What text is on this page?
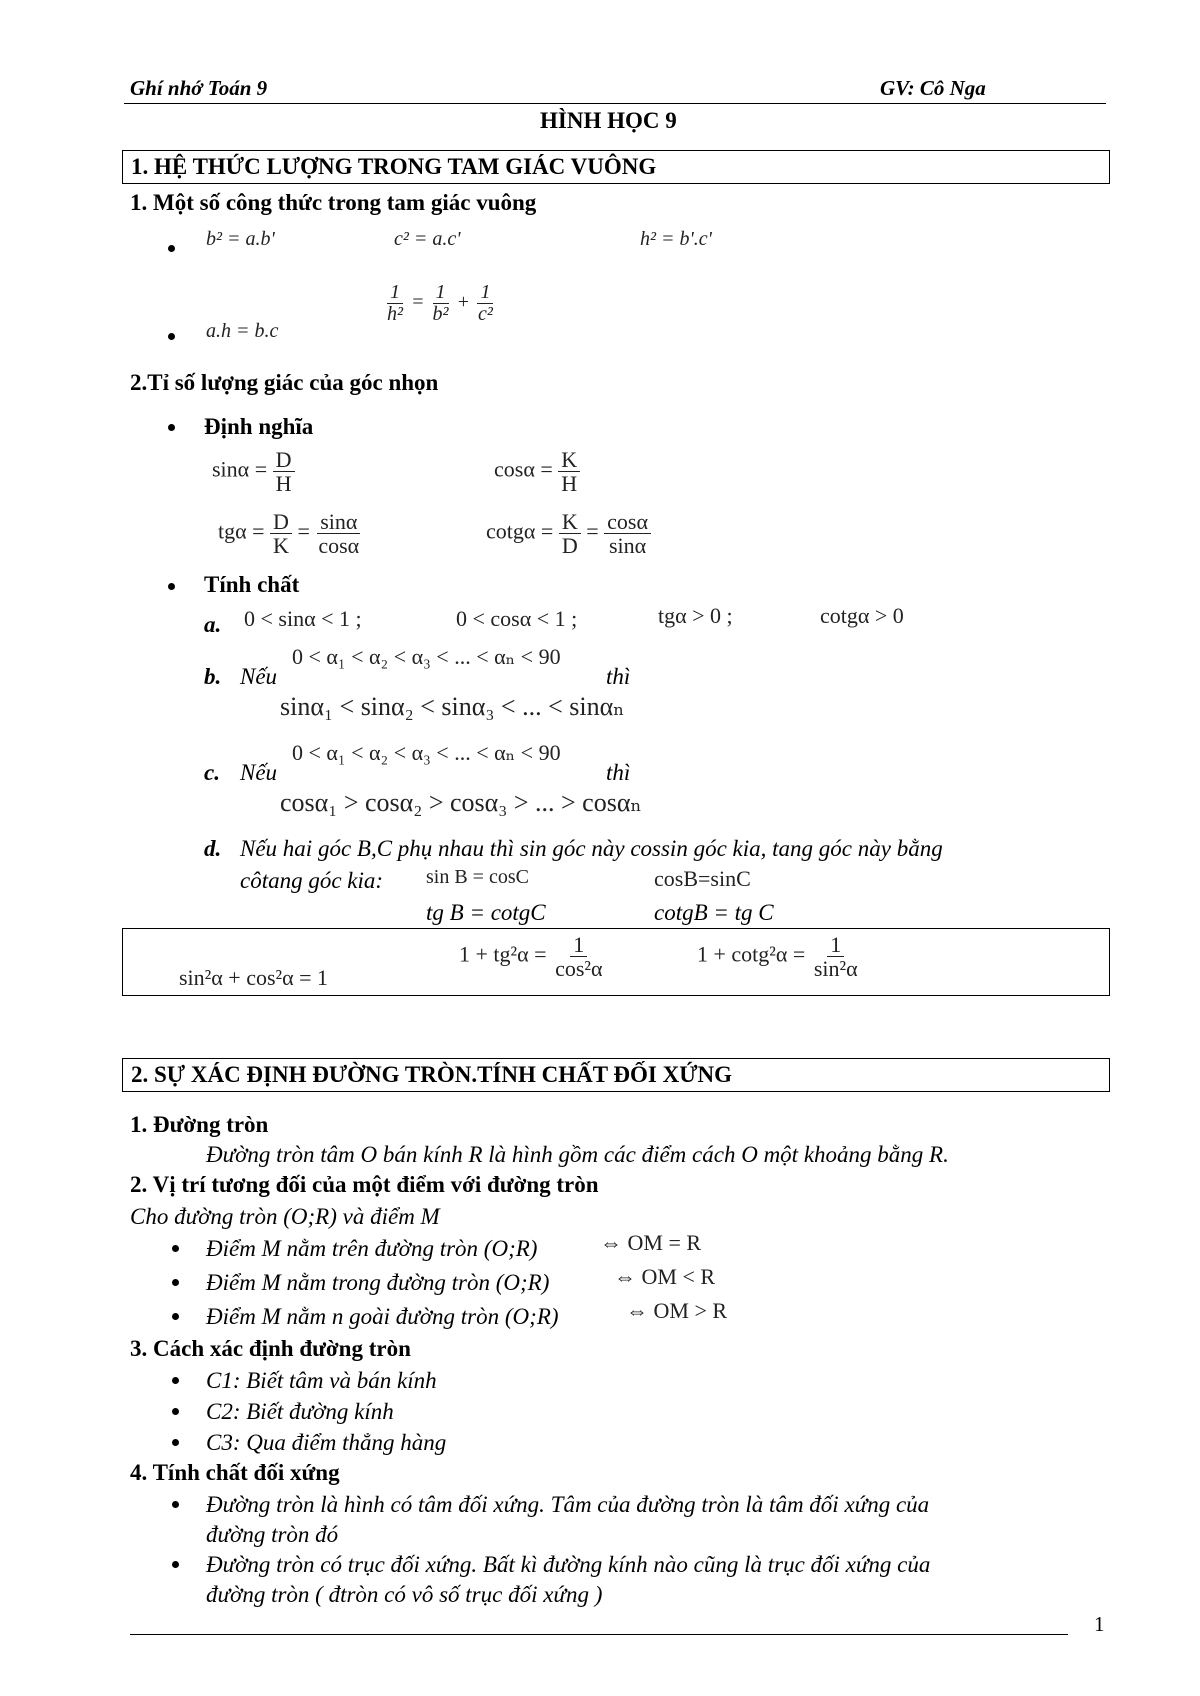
Ghí nhớ Toán 9	GV: Cô Nga
HÌNH HỌC 9
1. HỆ THỨC LƯỢNG TRONG TAM GIÁC VUÔNG
1. Một số công thức trong tam giác vuông
b² = a.b'	c² = a.c'	h² = b'.c'
a.h = b.c
$\frac{1}{\text{h²}} = \frac{1}{\text{b²}} + \frac{1}{\text{c²}}$
2.Tỉ số lượng giác của góc nhọn
Định nghĩa
$\sin\alpha = \frac{D}{H}$	$\cos\alpha = \frac{K}{H}$
$tg\alpha = \frac{D}{K} = \frac{\sin\alpha}{\cos\alpha}$	$\cot g\alpha = \frac{K}{D} = \frac{\cos\alpha}{\sin\alpha}$
Tính chất
a. 0 < sinα < 1 ;	0 < cosα < 1 ;	tgα > 0 ;	cotgα > 0
b. Nếu
0 < α₁ < α₂ < α₃ < ... < αₙ < 90
thì
sinα₁ < sinα₂ < sinα₃ < ... < sinαₙ
c. Nếu
0 < α₁ < α₂ < α₃ < ... < αₙ < 90
thì
cosα₁ > cosα₂ > cosα₃ > ... > cosαₙ
d. Nếu hai góc B,C phụ nhau thì sin góc này cossin góc kia, tang góc này bằng
côtang góc kia: sin B = cosC	cosB=sinC
tg B = cotgC	cotgB = tg C
sin²α + cos²α = 1
$1 + tg^2\alpha = \frac{1}{\text{cos²α}}$	$1 + \cot g^2\alpha = \frac{1}{\text{sin²α}}$
2. SỰ XÁC ĐỊNH ĐƯỜNG TRÒN.TÍNH CHẤT ĐỐI XỨNG
1. Đường tròn
Đường tròn tâm O bán kính R là hình gồm các điểm cách O một khoảng bằng R.
2. Vị trí tương đối của một điểm với đường tròn
Cho đường tròn (O;R) và điểm M
Điểm M nằm trên đường tròn (O;R)	⇔ OM = R
Điểm M nằm trong đường tròn (O;R)	⇔ OM < R
Điểm M nằm n goài đường tròn (O;R)	⇔ OM > R
3. Cách xác định đường tròn
C1: Biết tâm và bán kính
C2: Biết đường kính
C3: Qua điểm thẳng hàng
4. Tính chất đối xứng
Đường tròn là hình có tâm đối xứng. Tâm của đường tròn là tâm đối xứng của
đường tròn đó
Đường tròn có trục đối xứng. Bất kì đường kính nào cũng là trục đối xứng của
đường tròn ( đtròn có vô số trục đối xứng )
1
